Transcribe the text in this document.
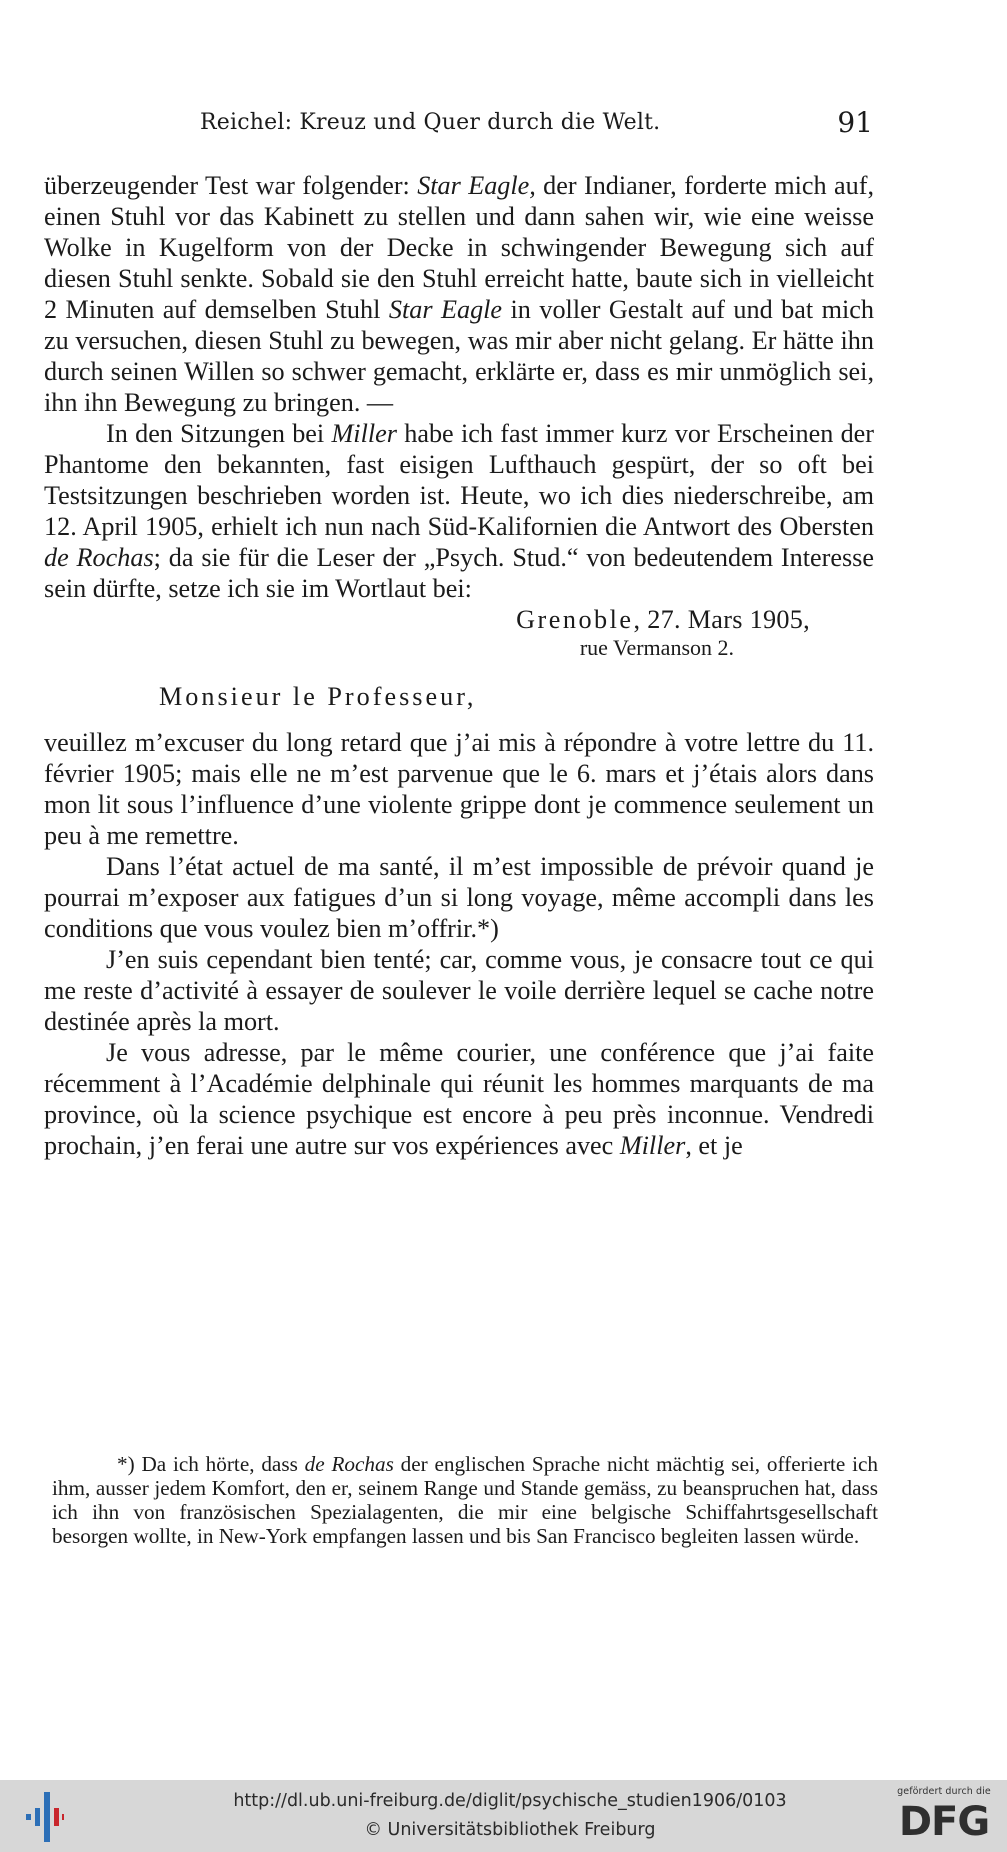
Reichel: Kreuz und Quer durch die Welt.	91

überzeugender Test war folgender: Star Eagle, der Indianer, forderte mich auf, einen Stuhl vor das Kabinett zu stellen und dann sahen wir, wie eine weisse Wolke in Kugelform von der Decke in schwingender Bewegung sich auf diesen Stuhl senkte. Sobald sie den Stuhl erreicht hatte, baute sich in vielleicht 2 Minuten auf demselben Stuhl Star Eagle in voller Gestalt auf und bat mich zu versuchen, diesen Stuhl zu bewegen, was mir aber nicht gelang. Er hätte ihn durch seinen Willen so schwer gemacht, erklärte er, dass es mir unmöglich sei, ihn ihn Bewegung zu bringen. —

In den Sitzungen bei Miller habe ich fast immer kurz vor Erscheinen der Phantome den bekannten, fast eisigen Lufthauch gespürt, der so oft bei Testsitzungen beschrieben worden ist. Heute, wo ich dies niederschreibe, am 12. April 1905, erhielt ich nun nach Süd-Kalifornien die Antwort des Obersten de Rochas; da sie für die Leser der „Psych. Stud.“ von bedeutendem Interesse sein dürfte, setze ich sie im Wortlaut bei:

Grenoble, 27. Mars 1905,

rue Vermanson 2.

Monsieur le Professeur,

veuillez m’excuser du long retard que j’ai mis à répondre à votre lettre du 11. février 1905; mais elle ne m’est parvenue que le 6. mars et j’étais alors dans mon lit sous l’influence d’une violente grippe dont je commence seulement un peu à me remettre.

Dans l’état actuel de ma santé, il m’est impossible de prévoir quand je pourrai m’exposer aux fatigues d’un si long voyage, même accompli dans les conditions que vous voulez bien m’offrir.*)

J’en suis cependant bien tenté; car, comme vous, je consacre tout ce qui me reste d’activité à essayer de soulever le voile derrière lequel se cache notre destinée après la mort.

Je vous adresse, par le même courier, une conférence que j’ai faite récemment à l’Académie delphinale qui réunit les hommes marquants de ma province, où la science psychique est encore à peu près inconnue. Vendredi prochain, j’en ferai une autre sur vos expériences avec Miller, et je

*) Da ich hörte, dass de Rochas der englischen Sprache nicht mächtig sei, offerierte ich ihm, ausser jedem Komfort, den er, seinem Range und Stande gemäss, zu beanspruchen hat, dass ich ihn von französischen Spezialagenten, die mir eine belgische Schiffahrtsgesellschaft besorgen wollte, in New-York empfangen lassen und bis San Francisco begleiten lassen würde.

http://dl.ub.uni-freiburg.de/diglit/psychische_studien1906/0103
© Universitätsbibliothek Freiburg
gefördert durch die
DFG
